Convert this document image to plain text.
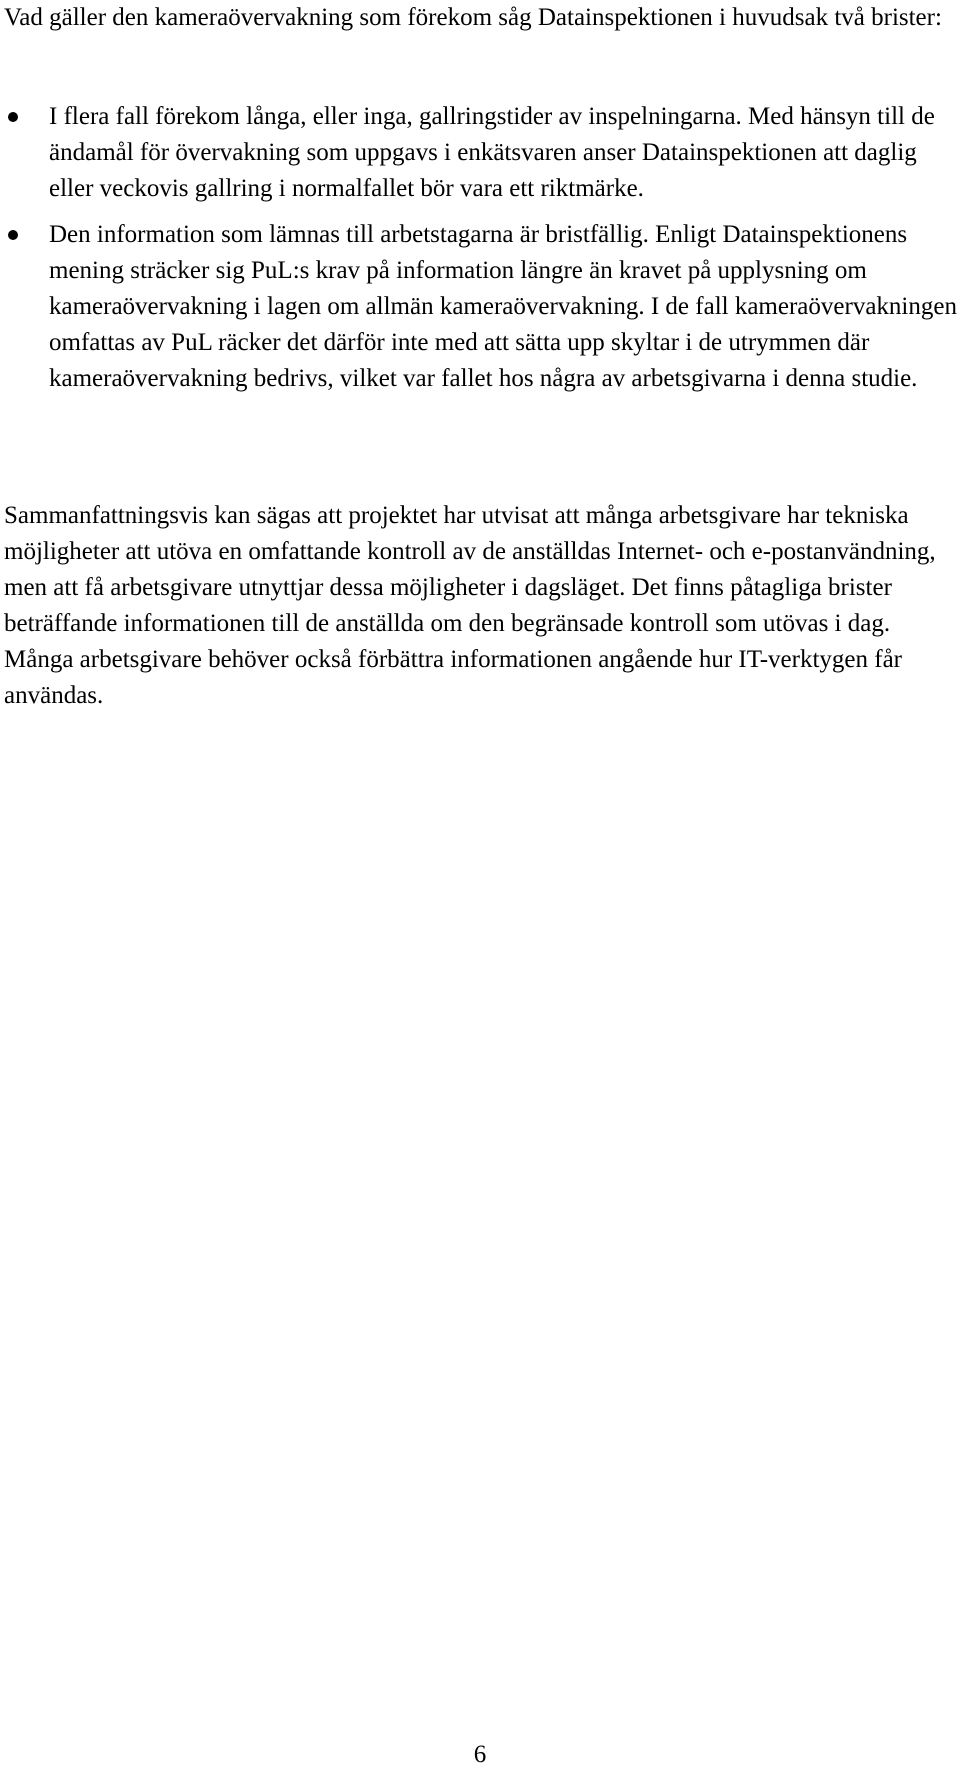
Vad gäller den kameraövervakning som förekom såg Datainspektionen i huvudsak två brister:

I flera fall förekom långa, eller inga, gallringstider av inspelningarna. Med hänsyn till de ändamål för övervakning som uppgavs i enkätsvaren anser Datainspektionen att daglig eller veckovis gallring i normalfallet bör vara ett riktmärke.
Den information som lämnas till arbetstagarna är bristfällig. Enligt Datainspektionens mening sträcker sig PuL:s krav på information längre än kravet på upplysning om kameraövervakning i lagen om allmän kameraövervakning. I de fall kameraövervakningen omfattas av PuL räcker det därför inte med att sätta upp skyltar i de utrymmen där kameraövervakning bedrivs, vilket var fallet hos några av arbetsgivarna i denna studie.

Sammanfattningsvis kan sägas att projektet har utvisat att många arbetsgivare har tekniska möjligheter att utöva en omfattande kontroll av de anställdas Internet- och e-postanvändning, men att få arbetsgivare utnyttjar dessa möjligheter i dagsläget. Det finns påtagliga brister beträffande informationen till de anställda om den begränsade kontroll som utövas i dag. Många arbetsgivare behöver också förbättra informationen angående hur IT-verktygen får användas.

6
